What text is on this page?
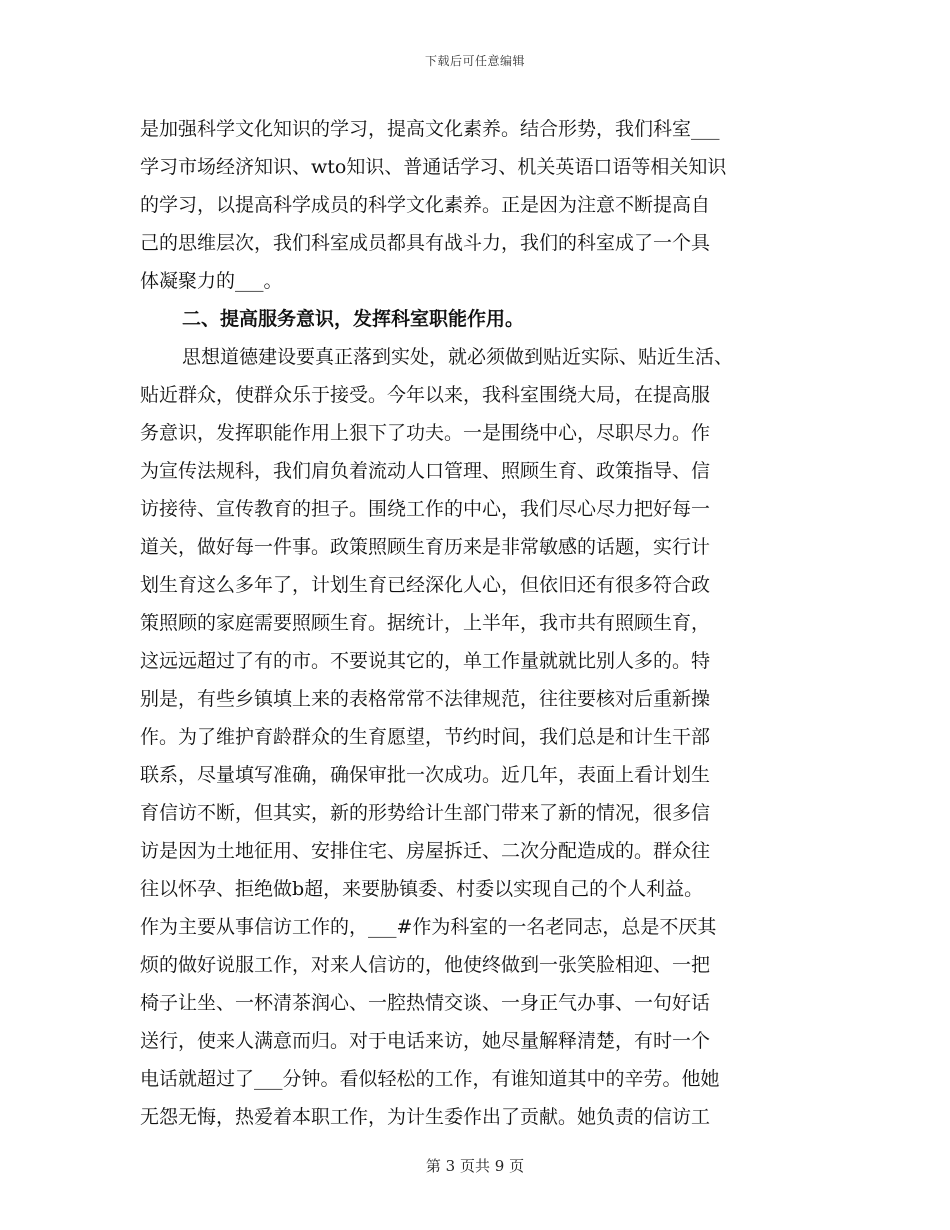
下载后可任意编辑
是加强科学文化知识的学习，提高文化素养。结合形势，我们科室___
学习市场经济知识、wto知识、普通话学习、机关英语口语等相关知识
的学习，以提高科学成员的科学文化素养。正是因为注意不断提高自
己的思维层次，我们科室成员都具有战斗力，我们的科室成了一个具
体凝聚力的___。
二、提高服务意识，发挥科室职能作用。
思想道德建设要真正落到实处，就必须做到贴近实际、贴近生活、
贴近群众，使群众乐于接受。今年以来，我科室围绕大局，在提高服
务意识，发挥职能作用上狠下了功夫。一是围绕中心，尽职尽力。作
为宣传法规科，我们肩负着流动人口管理、照顾生育、政策指导、信
访接待、宣传教育的担子。围绕工作的中心，我们尽心尽力把好每一
道关，做好每一件事。政策照顾生育历来是非常敏感的话题，实行计
划生育这么多年了，计划生育已经深化人心，但依旧还有很多符合政
策照顾的家庭需要照顾生育。据统计，上半年，我市共有照顾生育，
这远远超过了有的市。不要说其它的，单工作量就就比别人多的。特
别是，有些乡镇填上来的表格常常不法律规范，往往要核对后重新操
作。为了维护育龄群众的生育愿望，节约时间，我们总是和计生干部
联系，尽量填写准确，确保审批一次成功。近几年，表面上看计划生
育信访不断，但其实，新的形势给计生部门带来了新的情况，很多信
访是因为土地征用、安排住宅、房屋拆迁、二次分配造成的。群众往
往以怀孕、拒绝做b超，来要胁镇委、村委以实现自己的个人利益。
作为主要从事信访工作的，___#作为科室的一名老同志，总是不厌其
烦的做好说服工作，对来人信访的，他使终做到一张笑脸相迎、一把
椅子让坐、一杯清茶润心、一腔热情交谈、一身正气办事、一句好话
送行，使来人满意而归。对于电话来访，她尽量解释清楚，有时一个
电话就超过了___分钟。看似轻松的工作，有谁知道其中的辛劳。他她
无怨无悔，热爱着本职工作，为计生委作出了贡献。她负责的信访工
第 3 页共 9 页
